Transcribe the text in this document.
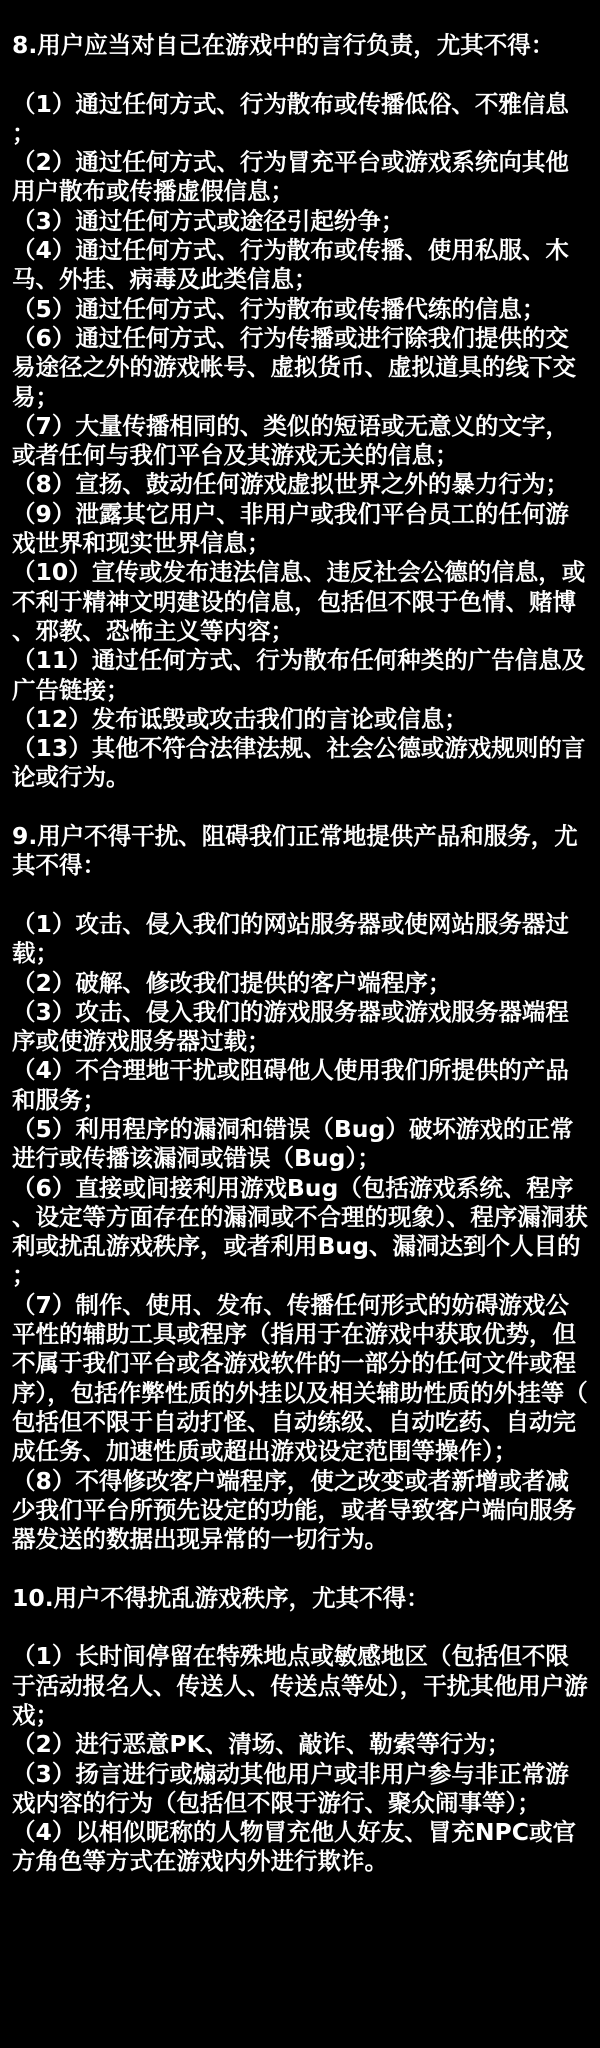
8.用户应当对自己在游戏中的言行负责，尤其不得：

（1）通过任何方式、行为散布或传播低俗、不雅信息；

（2）通过任何方式、行为冒充平台或游戏系统向其他用户散布或传播虚假信息；

（3）通过任何方式或途径引起纷争；

（4）通过任何方式、行为散布或传播、使用私服、木马、外挂、病毒及此类信息；

（5）通过任何方式、行为散布或传播代练的信息；

（6）通过任何方式、行为传播或进行除我们提供的交易途径之外的游戏帐号、虚拟货币、虚拟道具的线下交易；

（7）大量传播相同的、类似的短语或无意义的文字，或者任何与我们平台及其游戏无关的信息；

（8）宣扬、鼓动任何游戏虚拟世界之外的暴力行为；

（9）泄露其它用户、非用户或我们平台员工的任何游戏世界和现实世界信息；

（10）宣传或发布违法信息、违反社会公德的信息，或不利于精神文明建设的信息，包括但不限于色情、赌博、邪教、恐怖主义等内容；

（11）通过任何方式、行为散布任何种类的广告信息及广告链接；

（12）发布诋毁或攻击我们的言论或信息；

（13）其他不符合法律法规、社会公德或游戏规则的言论或行为。

9.用户不得干扰、阻碍我们正常地提供产品和服务，尤其不得：

（1）攻击、侵入我们的网站服务器或使网站服务器过载；

（2）破解、修改我们提供的客户端程序；

（3）攻击、侵入我们的游戏服务器或游戏服务器端程序或使游戏服务器过载；

（4）不合理地干扰或阻碍他人使用我们所提供的产品和服务；

（5）利用程序的漏洞和错误（Bug）破坏游戏的正常进行或传播该漏洞或错误（Bug）；

（6）直接或间接利用游戏Bug（包括游戏系统、程序、设定等方面存在的漏洞或不合理的现象）、程序漏洞获利或扰乱游戏秩序，或者利用Bug、漏洞达到个人目的；

（7）制作、使用、发布、传播任何形式的妨碍游戏公平性的辅助工具或程序（指用于在游戏中获取优势，但不属于我们平台或各游戏软件的一部分的任何文件或程序），包括作弊性质的外挂以及相关辅助性质的外挂等（包括但不限于自动打怪、自动练级、自动吃药、自动完成任务、加速性质或超出游戏设定范围等操作）；

（8）不得修改客户端程序，使之改变或者新增或者减少我们平台所预先设定的功能，或者导致客户端向服务器发送的数据出现异常的一切行为。

10.用户不得扰乱游戏秩序，尤其不得：

（1）长时间停留在特殊地点或敏感地区（包括但不限于活动报名人、传送人、传送点等处），干扰其他用户游戏；

（2）进行恶意PK、清场、敲诈、勒索等行为；

（3）扬言进行或煽动其他用户或非用户参与非正常游戏内容的行为（包括但不限于游行、聚众闹事等）；

（4）以相似昵称的人物冒充他人好友、冒充NPC或官方角色等方式在游戏内外进行欺诈。
